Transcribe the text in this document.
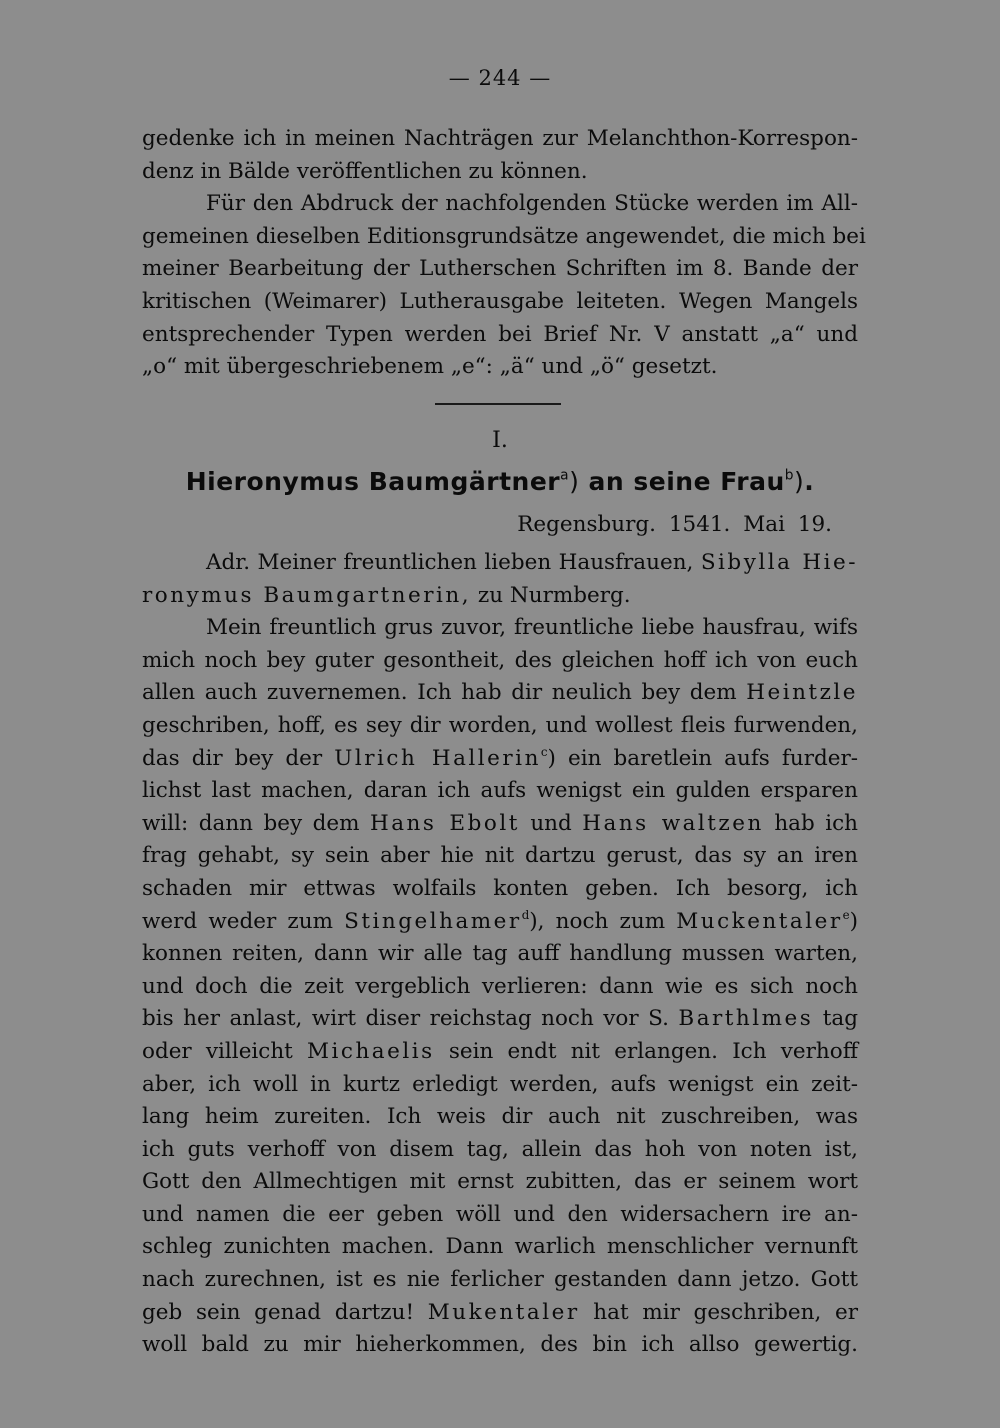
— 244 —
gedenke ich in meinen Nachträgen zur Melanchthon-Korrespon-
denz in Bälde veröffentlichen zu können.
Für den Abdruck der nachfolgenden Stücke werden im All-
gemeinen dieselben Editionsgrundsätze angewendet, die mich bei
meiner Bearbeitung der Lutherschen Schriften im 8. Bande der
kritischen (Weimarer) Lutherausgabe leiteten. Wegen Mangels
entsprechender Typen werden bei Brief Nr. V anstatt „a“ und
„o“ mit übergeschriebenem „e“: „ä“ und „ö“ gesetzt.
I.
Hieronymus Baumgärtner$^a$) an seine Frau$^b$).
Regensburg. 1541. Mai 19.
Adr. Meiner freuntlichen lieben Hausfrauen, Sibylla Hie-
ronymus Baumgartnerin, zu Nurmberg.
Mein freuntlich grus zuvor, freuntliche liebe hausfrau, wifs
mich noch bey guter gesontheit, des gleichen hoff ich von euch
allen auch zuvernemen. Ich hab dir neulich bey dem Heintzle
geschriben, hoff, es sey dir worden, und wollest fleis furwenden,
das dir bey der Ulrich Hallerin$^c$) ein baretlein aufs furder-
lichst last machen, daran ich aufs wenigst ein gulden ersparen
will: dann bey dem Hans Ebolt und Hans waltzen hab ich
frag gehabt, sy sein aber hie nit dartzu gerust, das sy an iren
schaden mir ettwas wolfails konten geben. Ich besorg, ich
werd weder zum Stingelhamer$^d$), noch zum Muckentaler$^e$)
konnen reiten, dann wir alle tag auff handlung mussen warten,
und doch die zeit vergeblich verlieren: dann wie es sich noch
bis her anlast, wirt diser reichstag noch vor S. Barthlmes tag
oder villeicht Michaelis sein endt nit erlangen. Ich verhoff
aber, ich woll in kurtz erledigt werden, aufs wenigst ein zeit-
lang heim zureiten. Ich weis dir auch nit zuschreiben, was
ich guts verhoff von disem tag, allein das hoh von noten ist,
Gott den Allmechtigen mit ernst zubitten, das er seinem wort
und namen die eer geben wöll und den widersachern ire an-
schleg zunichten machen. Dann warlich menschlicher vernunft
nach zurechnen, ist es nie ferlicher gestanden dann jetzo. Gott
geb sein genad dartzu! Mukentaler hat mir geschriben, er
woll bald zu mir hieherkommen, des bin ich allso gewertig.
